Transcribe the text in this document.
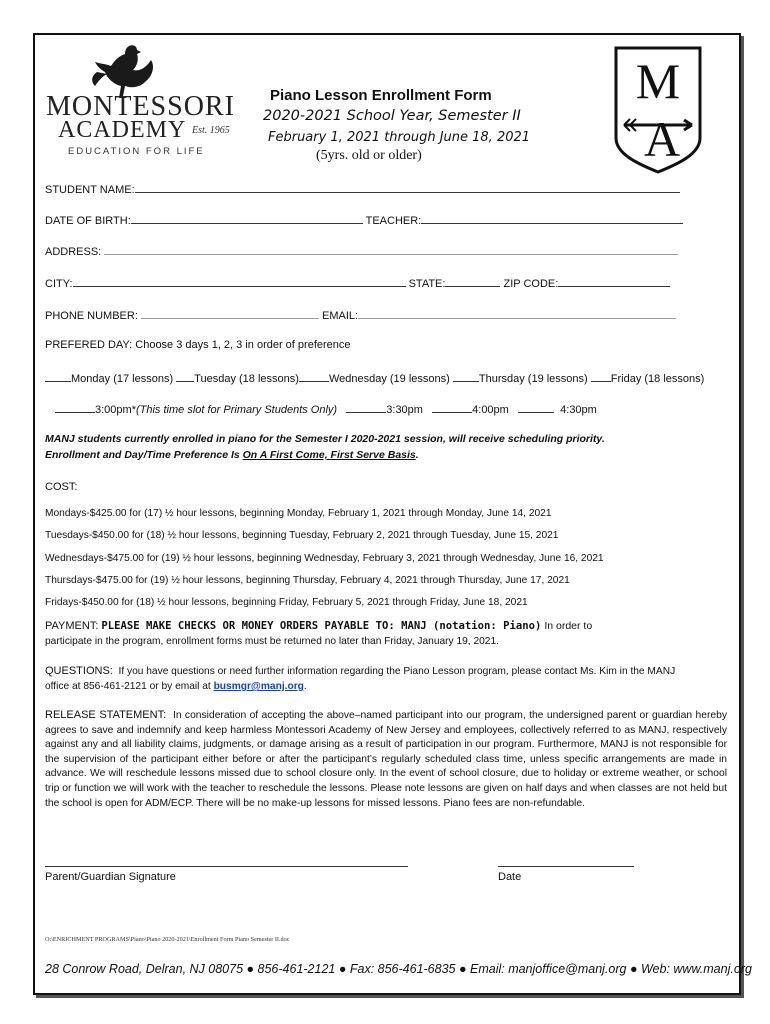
MONTESSORI
ACADEMY Est. 1965
EDUCATION FOR LIFE
Piano Lesson Enrollment Form
2020-2021 School Year, Semester II
February 1, 2021 through June 18, 2021
(5yrs. old or older)
M
A
STUDENT NAME:
DATE OF BIRTH:	TEACHER:
ADDRESS:
CITY:	STATE:	ZIP CODE:
PHONE NUMBER:	EMAIL:
PREFERED DAY: Choose 3 days 1, 2, 3 in order of preference
Monday (17 lessons) Tuesday (18 lessons)	Wednesday (19 lessons)	Thursday (19 lessons) Friday (18 lessons)
3:00pm*(This time slot for Primary Students Only)	3:30pm	4:00pm	4:30pm
MANJ students currently enrolled in piano for the Semester I 2020-2021 session, will receive scheduling priority.
Enrollment and Day/Time Preference Is On A First Come, First Serve Basis.
COST:
Mondays-$425.00 for (17) ½ hour lessons, beginning Monday, February 1, 2021 through Monday, June 14, 2021
Tuesdays-$450.00 for (18) ½ hour lessons, beginning Tuesday, February 2, 2021 through Tuesday, June 15, 2021
Wednesdays-$475.00 for (19) ½ hour lessons, beginning Wednesday, February 3, 2021 through Wednesday, June 16, 2021
Thursdays-$475.00 for (19) ½ hour lessons, beginning Thursday, February 4, 2021 through Thursday, June 17, 2021
Fridays-$450.00 for (18) ½ hour lessons, beginning Friday, February 5, 2021 through Friday, June 18, 2021
PAYMENT: PLEASE MAKE CHECKS OR MONEY ORDERS PAYABLE TO: MANJ (notation: Piano) In order to
participate in the program, enrollment forms must be returned no later than Friday, January 19, 2021.
QUESTIONS: If you have questions or need further information regarding the Piano Lesson program, please contact Ms. Kim in the MANJ
office at 856-461-2121 or by email at busmgr@manj.org.
RELEASE STATEMENT: In consideration of accepting the above–named participant into our program, the undersigned parent or guardian hereby agrees to save and indemnify and keep harmless Montessori Academy of New Jersey and employees, collectively referred to as MANJ, respectively against any and all liability claims, judgments, or damage arising as a result of participation in our program. Furthermore, MANJ is not responsible for the supervision of the participant either before or after the participant’s regularly scheduled class time, unless specific arrangements are made in advance. We will reschedule lessons missed due to school closure only. In the event of school closure, due to holiday or extreme weather, or school trip or function we will work with the teacher to reschedule the lessons. Please note lessons are given on half days and when classes are not held but the school is open for ADM/ECP. There will be no make-up lessons for missed lessons. Piano fees are non-refundable.
Parent/Guardian Signature	Date
O:\ENRICHMENT PROGRAMS\Piano\Piano 2020-2021\Enrollment Form Piano Semester II.doc
28 Conrow Road, Delran, NJ 08075 ● 856-461-2121 ● Fax: 856-461-6835 ● Email: manjoffice@manj.org ● Web: www.manj.org
